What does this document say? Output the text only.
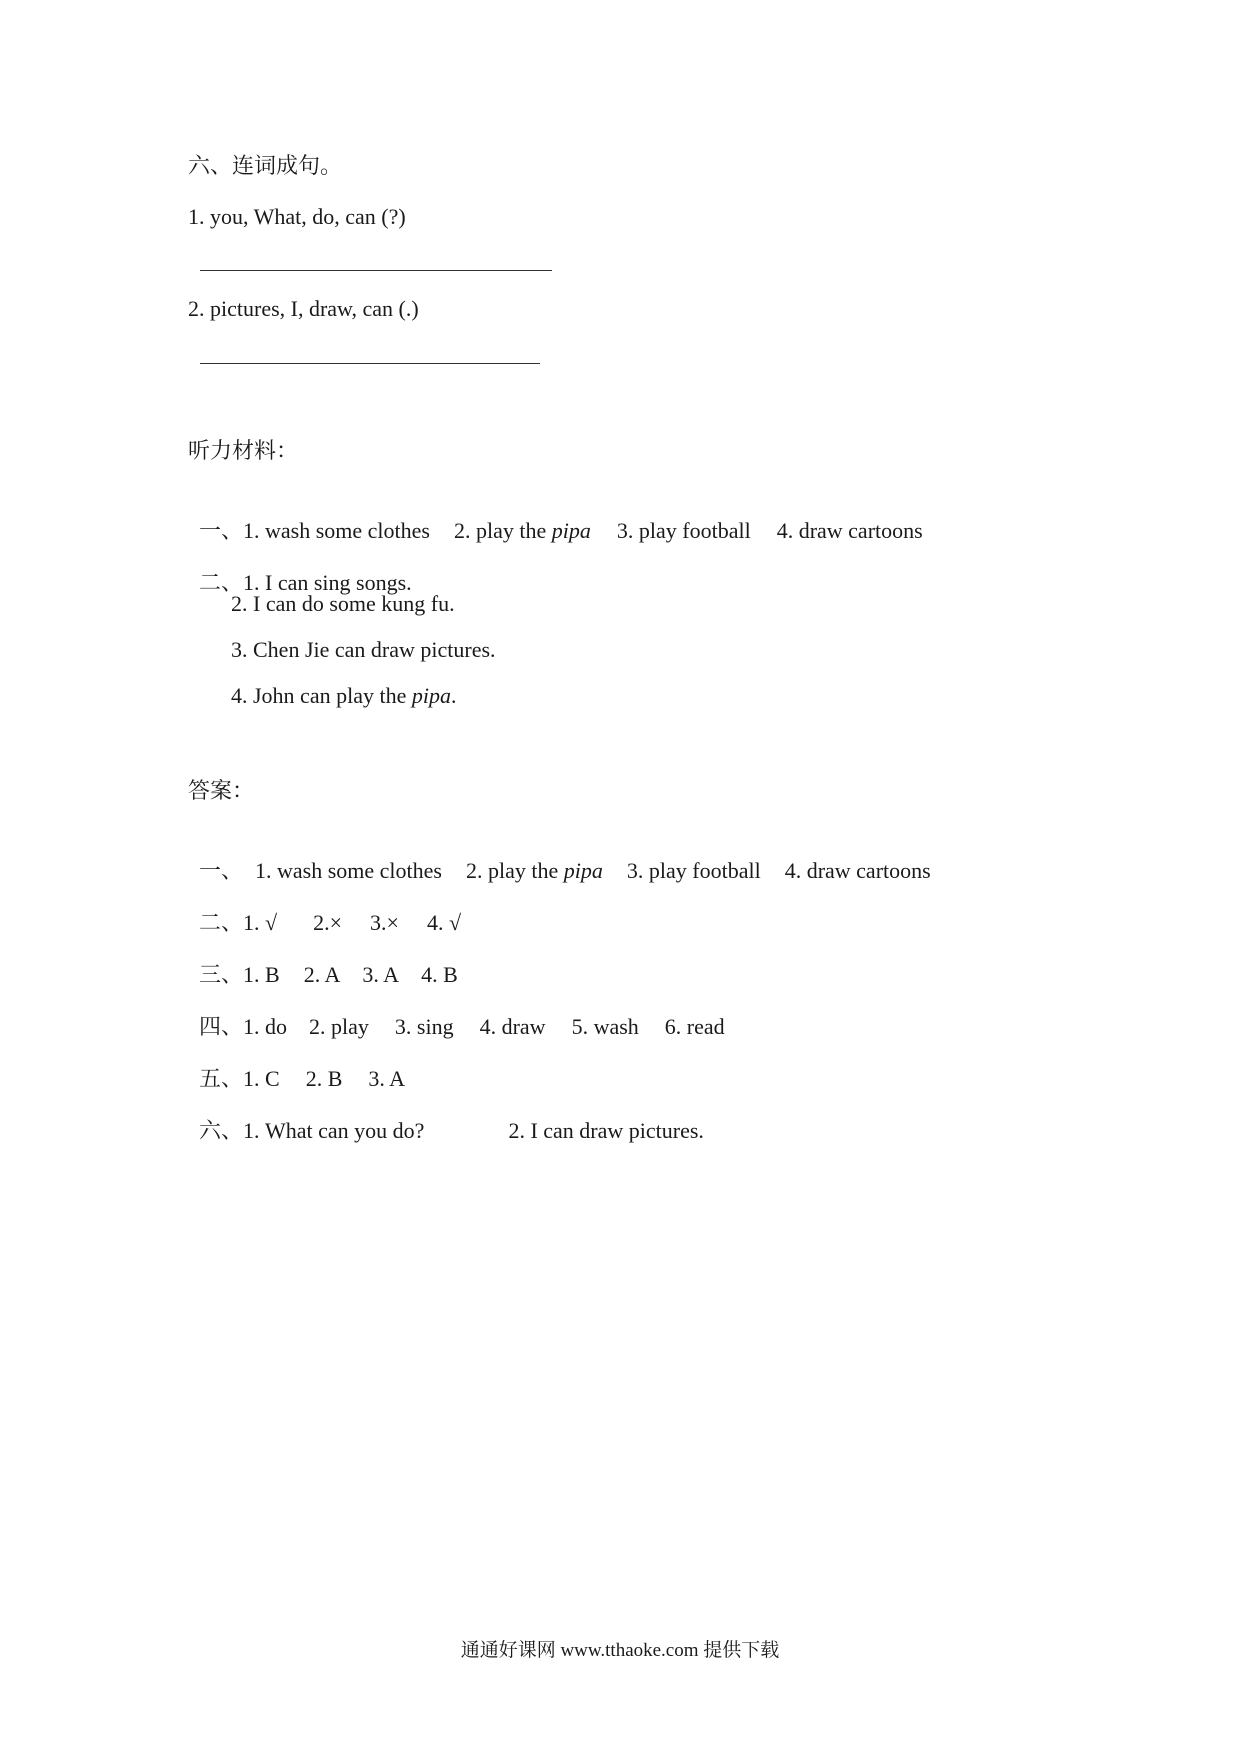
六、连词成句。
1. you, What, do, can (?)
2. pictures, I, draw, can (.)
听力材料：

一、1. wash some clothes 2. play the pipa 3. play football 4. draw cartoons

二、1. I can sing songs.

2. I can do some kung fu.
3. Chen Jie can draw pictures.
4. John can play the pipa.
答案：

一、 1. wash some clothes 2. play the pipa 3. play football 4. draw cartoons

二、1. √ 2.× 3.× 4. √

三、1. B 2. A 3. A 4. B

四、1. do 2. play 3. sing 4. draw 5. wash 6. read

五、1. C 2. B 3. A

六、1. What can you do?	2. I can draw pictures.

通通好课网 www.tthaoke.com 提供下载
